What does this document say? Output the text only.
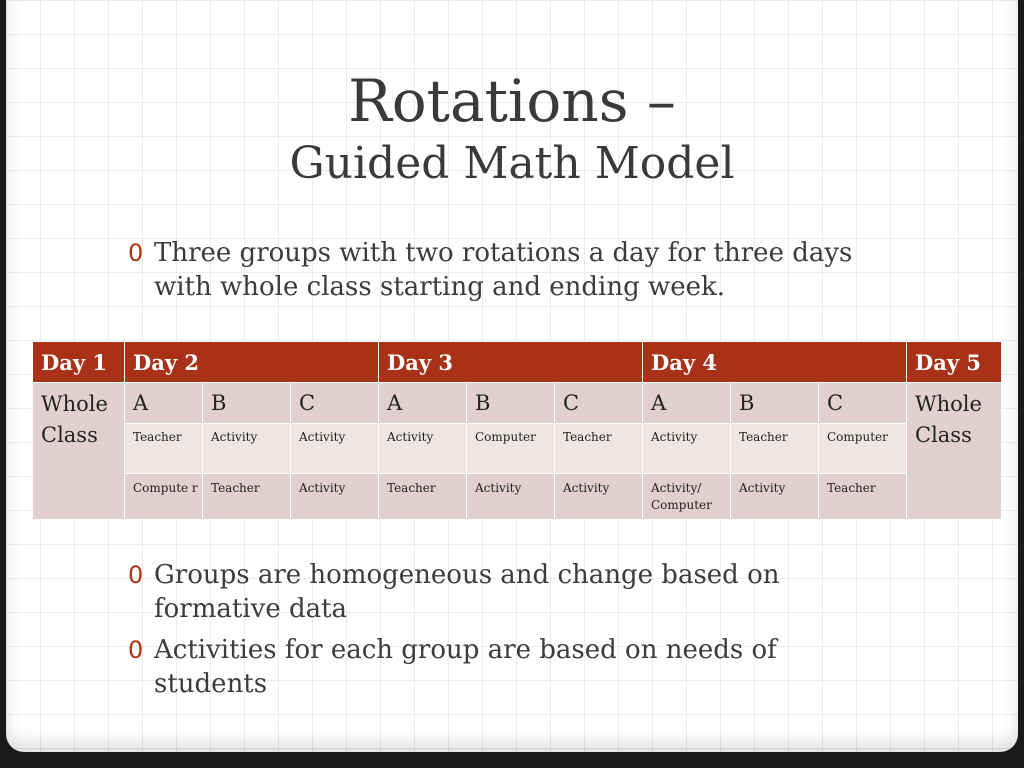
Rotations –
Guided Math Model
0 Three groups with two rotations a day for three days with whole class starting and ending week.
Day 1	Day 2			Day 3			Day 4			Day 5
Whole Class	A	B	C	A	B	C	A	B	C	Whole Class
	Teacher	Activity	Activity	Activity	Computer	Teacher	Activity	Teacher	Computer	
	Compute r	Teacher	Activity	Teacher	Activity	Activity	Activity/ Computer	Activity	Teacher	
0 Groups are homogeneous and change based on formative data
0 Activities for each group are based on needs of students
